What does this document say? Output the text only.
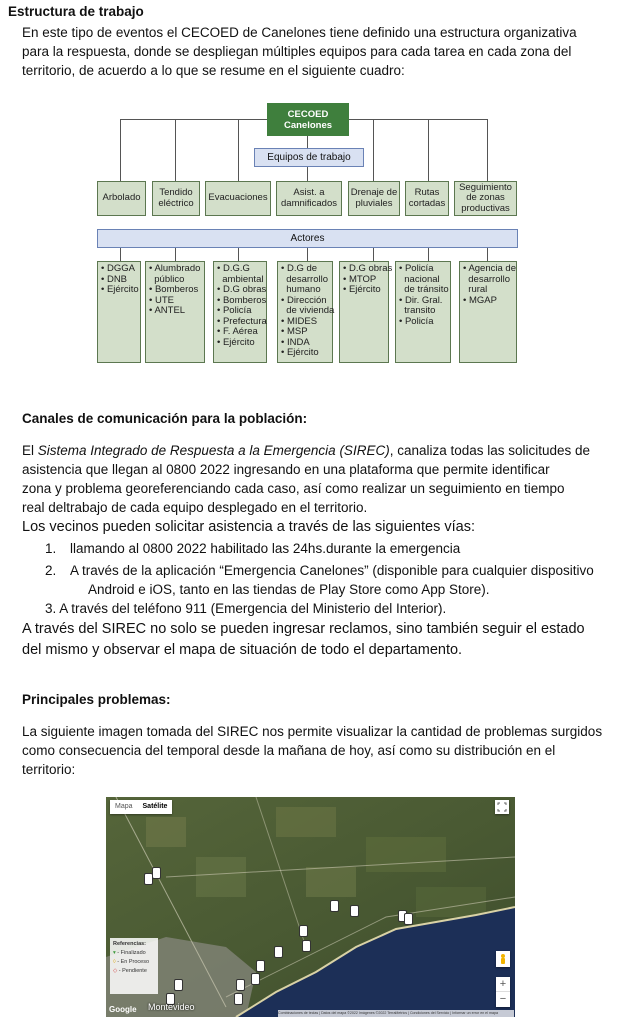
Estructura de trabajo
En este tipo de eventos el CECOED de Canelones tiene definido una estructura organizativa
para la respuesta, donde se despliegan múltiples equipos para cada tarea en cada zona del
territorio, de acuerdo a lo que se resume en el siguiente cuadro:
CECOED
Canelones
Equipos de trabajo
Arbolado Tendido
eléctrico Evacuaciones	Asist. a
damnificados
Drenaje de
pluviales
Rutas
cortadas
Seguimiento
de zonas
productivas
Actores
• DGGA
• DNB
• Ejército
• Alumbrado
público
• Bomberos
• UTE
• ANTEL
• D.G.G
ambiental
• D.G obras
• Bomberos
• Policía
• Prefectura
• F. Aérea
• Ejército
• D.G de
desarrollo
humano
• Dirección
de vivienda
• MIDES
• MSP
• INDA
• Ejército
• D.G obras
• MTOP
• Ejército
• Policía
nacional
de tránsito
• Dir. Gral.
transito
• Policía
• Agencia de
desarrollo
rural
• MGAP
Canales de comunicación para la población:
El Sistema Integrado de Respuesta a la Emergencia (SIREC), canaliza todas las solicitudes de
asistencia que llegan al 0800 2022 ingresando en una plataforma que permite identificar
zona y problema georeferenciando cada caso, así como realizar un seguimiento en tiempo
real deltrabajo de cada equipo desplegado en el territorio.
Los vecinos pueden solicitar asistencia a través de las siguientes vías:
1. llamando al 0800 2022 habilitado las 24hs.durante la emergencia
2. A través de la aplicación “Emergencia Canelones” (disponible para cualquier dispositivo
Android e iOS, tanto en las tiendas de Play Store como App Store).
3. A través del teléfono 911 (Emergencia del Ministerio del Interior).
A través del SIREC no solo se pueden ingresar reclamos, sino también seguir el estado
del mismo y observar el mapa de situación de todo el departamento.
Principales problemas:
La siguiente imagen tomada del SIREC nos permite visualizar la cantidad de problemas surgidos
como consecuencia del temporal desde la mañana de hoy, así como su distribución en el
territorio:
Mapa	Satélite
Referencias:
▾ - Finalizado
◊ - En Proceso
◇ - Pendiente
+
−
Google Montevideo
Combinaciones de teclas | Datos del mapa ©2022 Imágenes ©2022 TerraMetrics | Condiciones del Servicio | Informar un error en el mapa
